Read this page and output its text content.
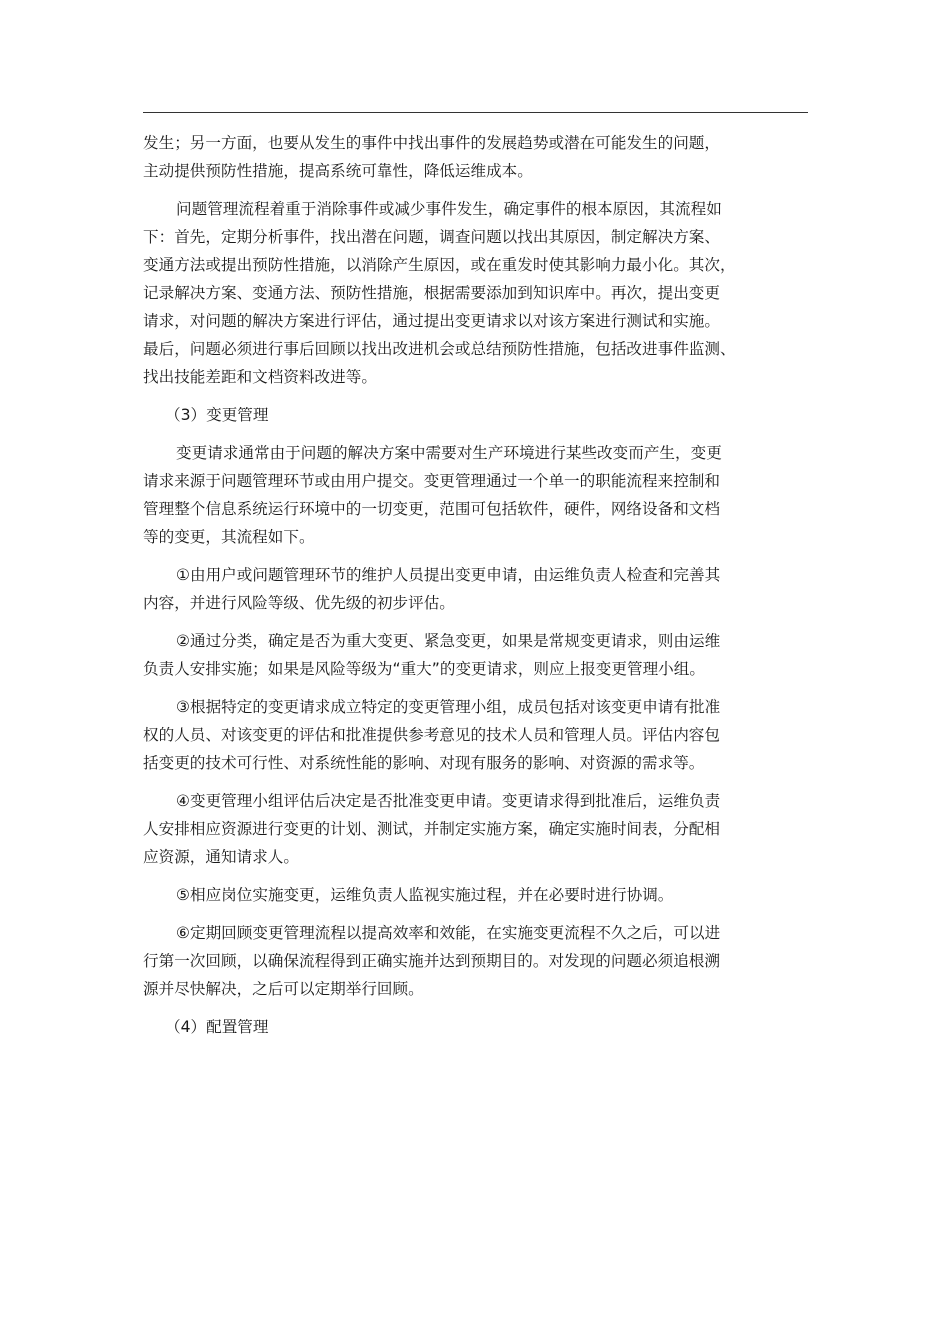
发生；另一方面，也要从发生的事件中找出事件的发展趋势或潜在可能发生的问题，
主动提供预防性措施，提高系统可靠性，降低运维成本。
问题管理流程着重于消除事件或减少事件发生，确定事件的根本原因，其流程如
下：首先，定期分析事件，找出潜在问题，调查问题以找出其原因，制定解决方案、
变通方法或提出预防性措施，以消除产生原因，或在重发时使其影响力最小化。其次，
记录解决方案、变通方法、预防性措施，根据需要添加到知识库中。再次，提出变更
请求，对问题的解决方案进行评估，通过提出变更请求以对该方案进行测试和实施。
最后，问题必须进行事后回顾以找出改进机会或总结预防性措施，包括改进事件监测、
找出技能差距和文档资料改进等。
（3）变更管理
变更请求通常由于问题的解决方案中需要对生产环境进行某些改变而产生，变更
请求来源于问题管理环节或由用户提交。变更管理通过一个单一的职能流程来控制和
管理整个信息系统运行环境中的一切变更，范围可包括软件，硬件，网络设备和文档
等的变更，其流程如下。
①由用户或问题管理环节的维护人员提出变更申请，由运维负责人检查和完善其
内容，并进行风险等级、优先级的初步评估。
②通过分类，确定是否为重大变更、紧急变更，如果是常规变更请求，则由运维
负责人安排实施；如果是风险等级为“重大”的变更请求，则应上报变更管理小组。
③根据特定的变更请求成立特定的变更管理小组，成员包括对该变更申请有批准
权的人员、对该变更的评估和批准提供参考意见的技术人员和管理人员。评估内容包
括变更的技术可行性、对系统性能的影响、对现有服务的影响、对资源的需求等。
④变更管理小组评估后决定是否批准变更申请。变更请求得到批准后，运维负责
人安排相应资源进行变更的计划、测试，并制定实施方案，确定实施时间表，分配相
应资源，通知请求人。
⑤相应岗位实施变更，运维负责人监视实施过程，并在必要时进行协调。
⑥定期回顾变更管理流程以提高效率和效能，在实施变更流程不久之后，可以进
行第一次回顾，以确保流程得到正确实施并达到预期目的。对发现的问题必须追根溯
源并尽快解决，之后可以定期举行回顾。
（4）配置管理
